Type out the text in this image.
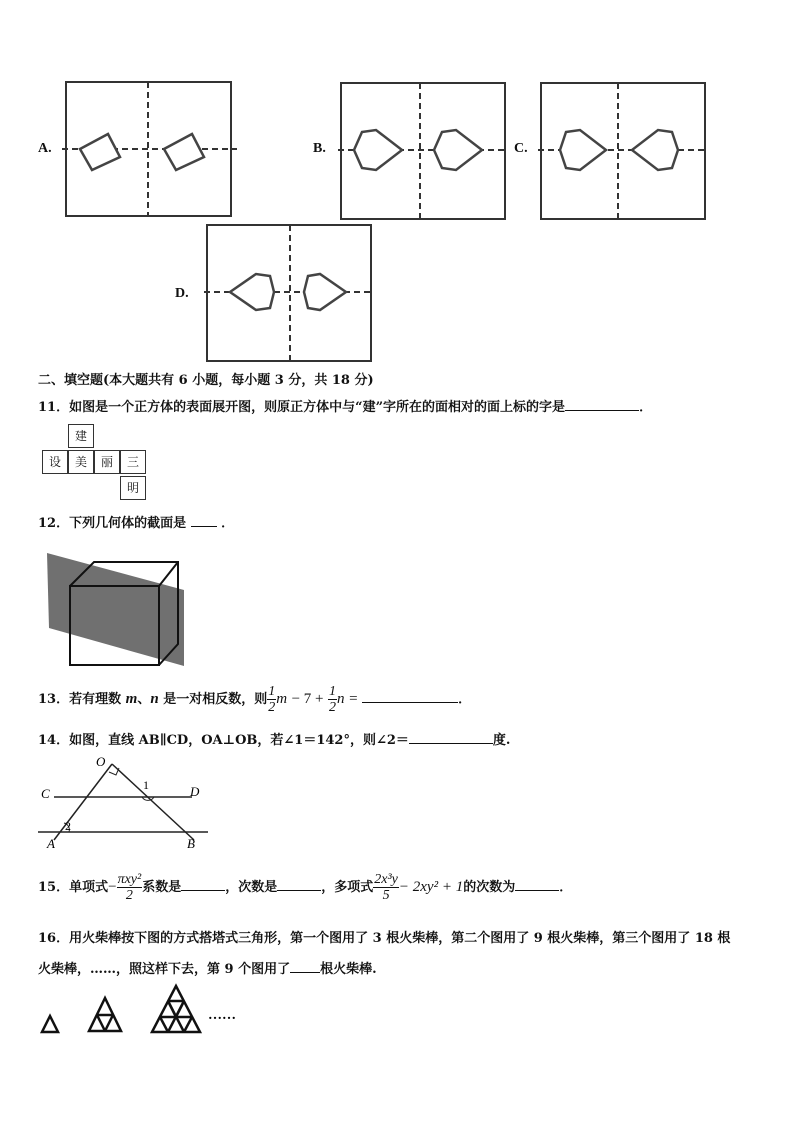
A.	B.	C.
D.
二、填空题(本大题共有 6 小题，每小题 3 分，共 18 分)
11．如图是一个正方体的表面展开图，则原正方体中与“建”字所在的面相对的面上标的字是	．
建
设	美	丽	三
明
12．下列几何体的截面是	．
13．若有理数 m、n 是一对相反数，则 $\frac{1}{2}$ $m - 7 + \frac{1}{2}$ n =	．
14．如图，直线 AB∥CD，OA⊥OB，若∠1＝142°，则∠2＝	度.
O
1
C	D
2
A	B
15．单项式− $\frac{\text{πxy²}}{2}$ 系数是	，次数是	，多项式 $\frac{\text{2x³y}}{5} - 2xy^2 + 1$的次数为	．
16．用火柴棒按下图的方式搭塔式三角形，第一个图用了 3 根火柴棒，第二个图用了 9 根火柴棒，第三个图用了 18 根
火柴棒，……，照这样下去，第 9 个图用了 根火柴棒.
……
